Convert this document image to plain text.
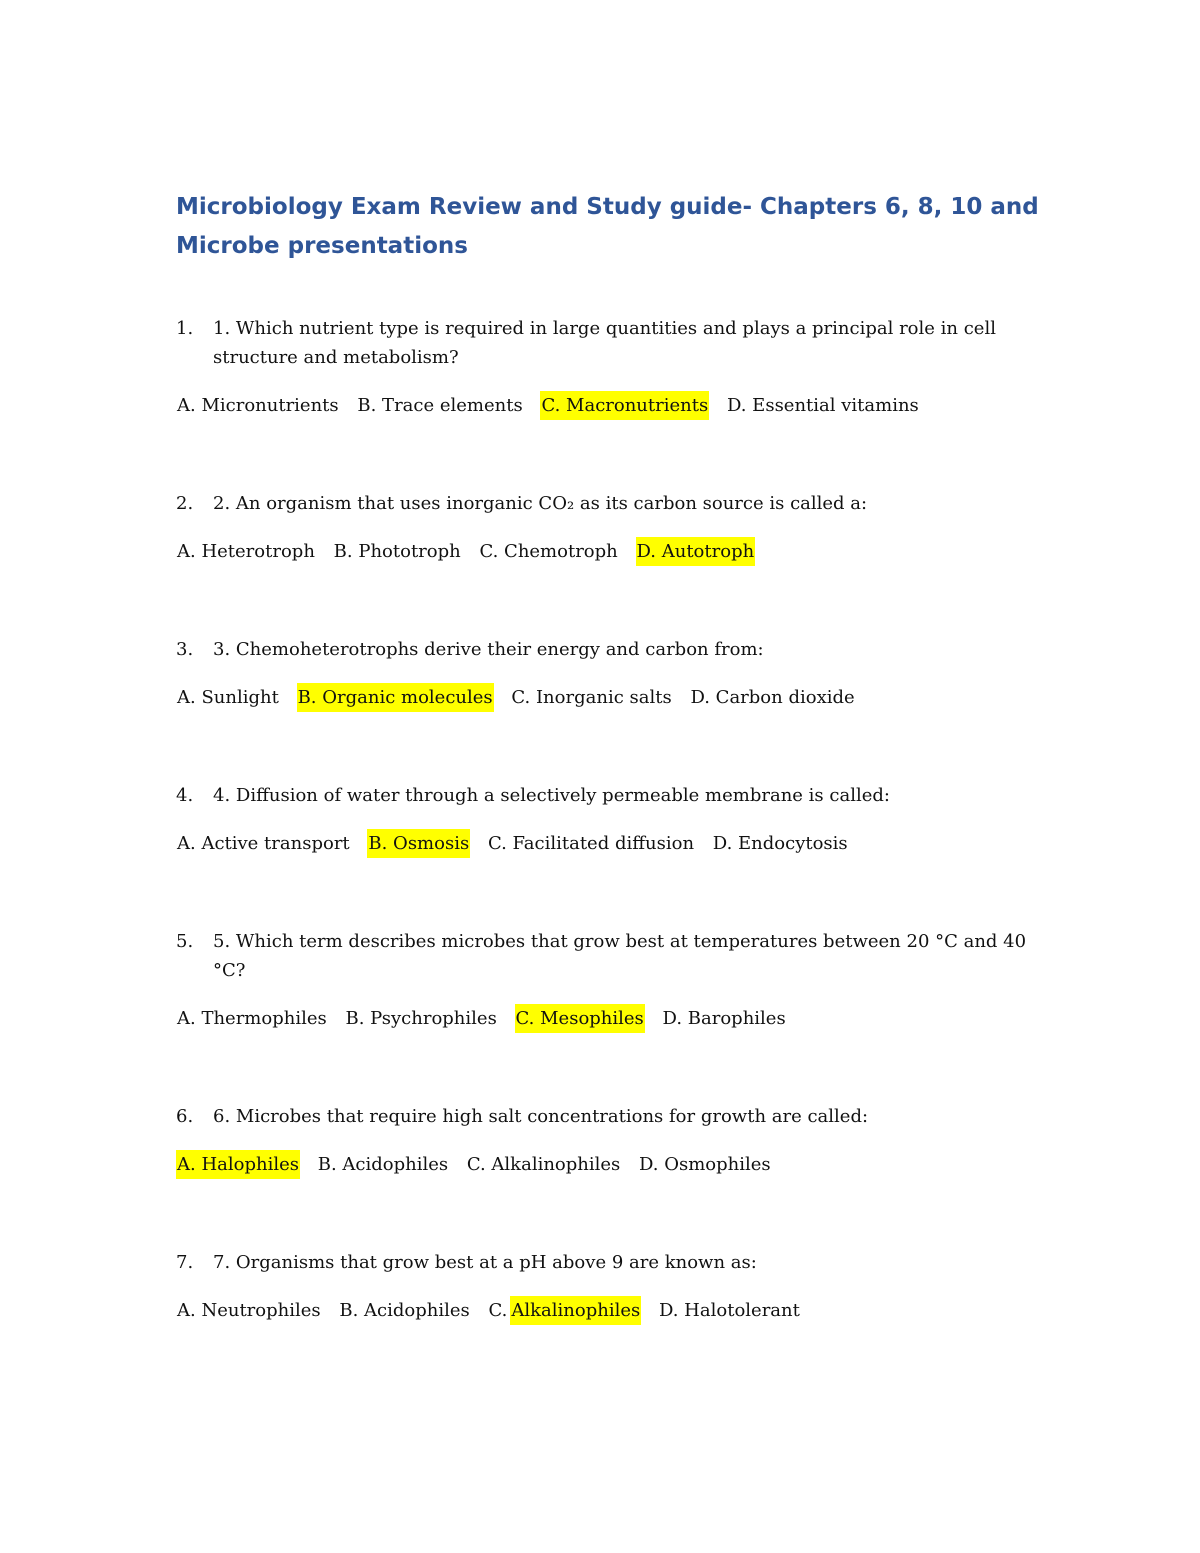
Microbiology Exam Review and Study guide- Chapters 6, 8, 10 and Microbe presentations
1.	1. Which nutrient type is required in large quantities and plays a principal role in cell structure and metabolism?
A. Micronutrients B. Trace elements C. Macronutrients D. Essential vitamins
2.	2. An organism that uses inorganic CO₂ as its carbon source is called a:
A. Heterotroph B. Phototroph C. Chemotroph D. Autotroph
3.	3. Chemoheterotrophs derive their energy and carbon from:
A. Sunlight B. Organic molecules C. Inorganic salts D. Carbon dioxide
4.	4. Diffusion of water through a selectively permeable membrane is called:
A. Active transport B. Osmosis C. Facilitated diffusion D. Endocytosis
5.	5. Which term describes microbes that grow best at temperatures between 20 °C and 40 °C?
A. Thermophiles B. Psychrophiles C. Mesophiles D. Barophiles
6.	6. Microbes that require high salt concentrations for growth are called:
A. Halophiles B. Acidophiles C. Alkalinophiles D. Osmophiles
7.	7. Organisms that grow best at a pH above 9 are known as:
A. Neutrophiles B. Acidophiles C. Alkalinophiles D. Halotolerant
